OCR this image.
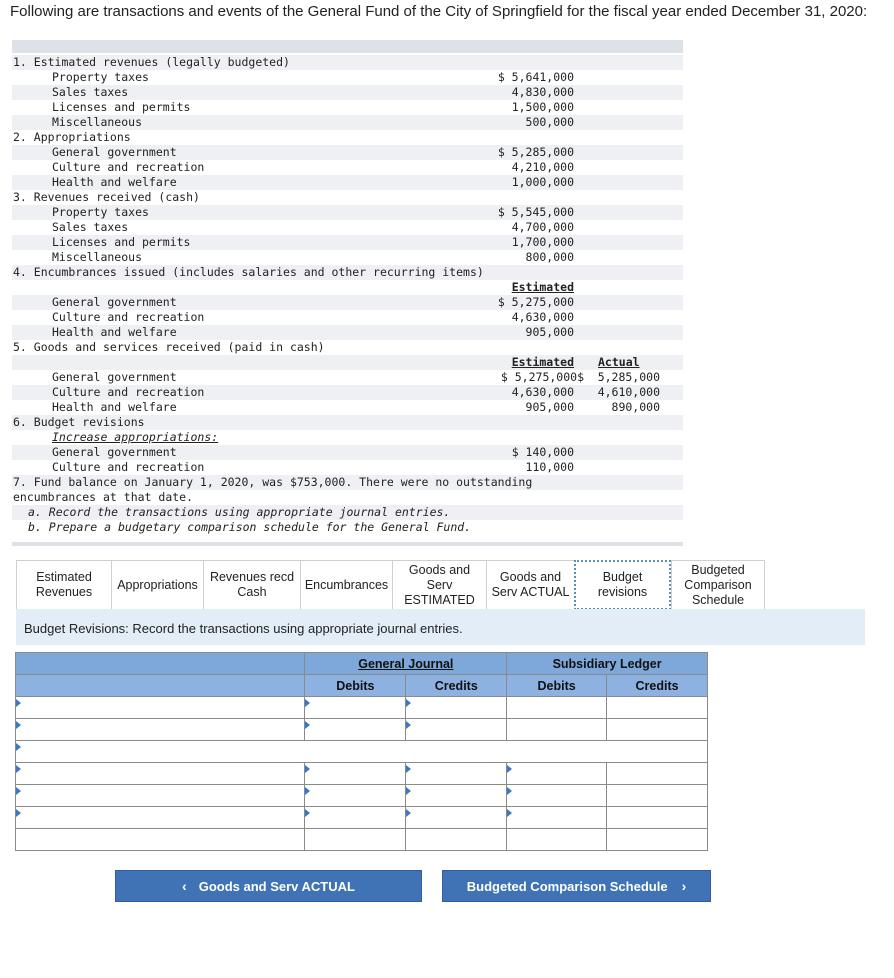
Following are transactions and events of the General Fund of the City of Springfield for the fiscal year ended December 31, 2020:
1. Estimated revenues (legally budgeted)
Property taxes	$ 5,641,000
Sales taxes	4,830,000
Licenses and permits	1,500,000
Miscellaneous	500,000
2. Appropriations
General government	$ 5,285,000
Culture and recreation	4,210,000
Health and welfare	1,000,000
3. Revenues received (cash)
Property taxes	$ 5,545,000
Sales taxes	4,700,000
Licenses and permits	1,700,000
Miscellaneous	800,000
4. Encumbrances issued (includes salaries and other recurring items)
Estimated
General government	$ 5,275,000
Culture and recreation	4,630,000
Health and welfare	905,000
5. Goods and services received (paid in cash)
Estimated Actual
General government	$ 5,275,000$	5,285,000
Culture and recreation	4,630,000	4,610,000
Health and welfare	905,000	890,000
6. Budget revisions
Increase appropriations:
General government	$ 140,000
Culture and recreation	110,000
7. Fund balance on January 1, 2020, was $753,000. There were no outstanding
encumbrances at that date.
a. Record the transactions using appropriate journal entries.
b. Prepare a budgetary comparison schedule for the General Fund.
Estimated Revenues
Appropriations
Revenues recd Cash
Encumbrances
Goods and Serv ESTIMATED
Goods and Serv ACTUAL
Budget revisions
Budgeted Comparison Schedule
Budget Revisions: Record the transactions using appropriate journal entries.
	General Journal		Subsidiary Ledger	
	Debits	Credits	Debits	Credits

‹ Goods and Serv ACTUAL	Budgeted Comparison Schedule ›
